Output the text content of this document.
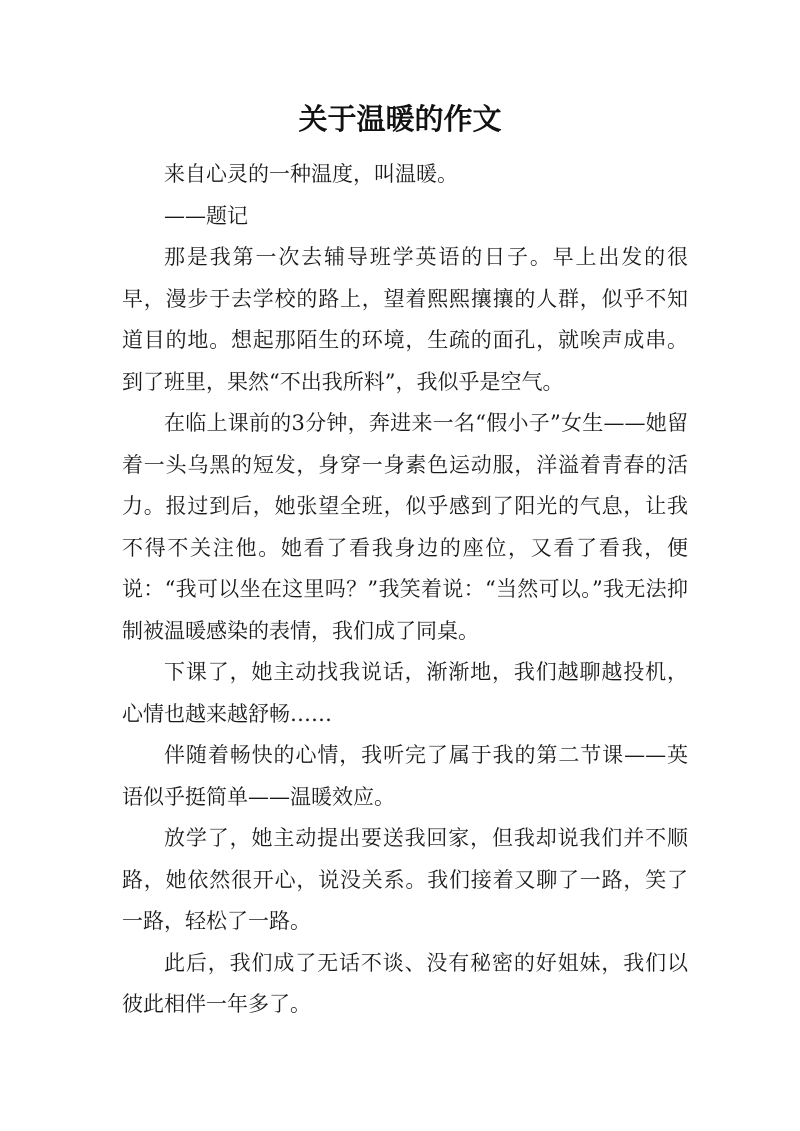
关于温暖的作文

来自心灵的一种温度，叫温暖。

——题记

那是我第一次去辅导班学英语的日子。早上出发的很早，漫步于去学校的路上，望着熙熙攘攘的人群，似乎不知道目的地。想起那陌生的环境，生疏的面孔，就唉声成串。到了班里，果然“不出我所料”，我似乎是空气。

在临上课前的3分钟，奔进来一名“假小子”女生——她留着一头乌黑的短发，身穿一身素色运动服，洋溢着青春的活力。报过到后，她张望全班，似乎感到了阳光的气息，让我不得不关注他。她看了看我身边的座位，又看了看我，便说：“我可以坐在这里吗？”我笑着说：“当然可以。”我无法抑制被温暖感染的表情，我们成了同桌。

下课了，她主动找我说话，渐渐地，我们越聊越投机，心情也越来越舒畅……

伴随着畅快的心情，我听完了属于我的第二节课——英语似乎挺简单——温暖效应。

放学了，她主动提出要送我回家，但我却说我们并不顺路，她依然很开心，说没关系。我们接着又聊了一路，笑了一路，轻松了一路。

此后，我们成了无话不谈、没有秘密的好姐妹，我们以彼此相伴一年多了。
